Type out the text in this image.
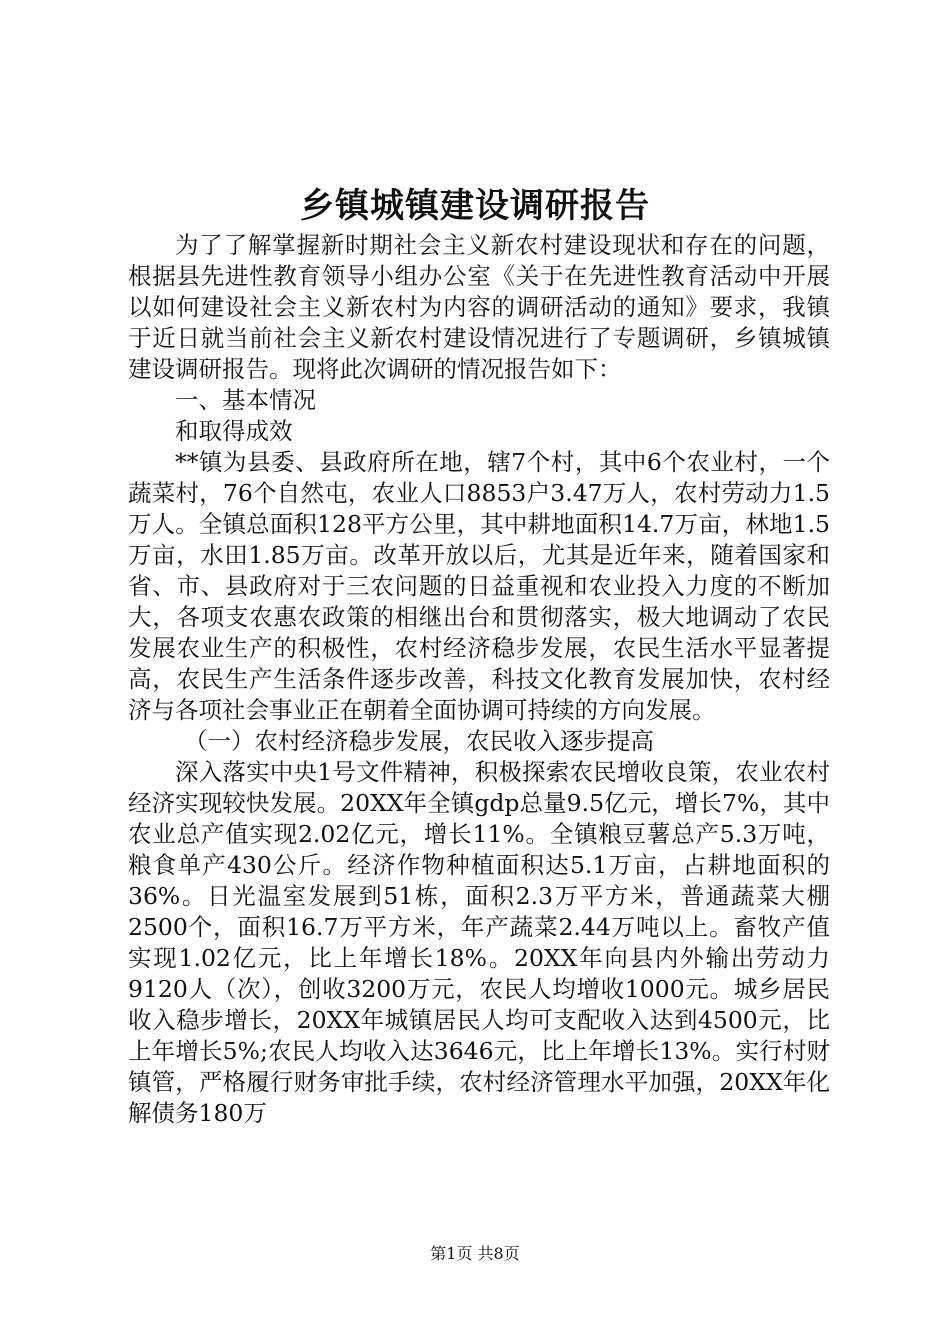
乡镇城镇建设调研报告

为了了解掌握新时期社会主义新农村建设现状和存在的问题，根据县先进性教育领导小组办公室《关于在先进性教育活动中开展以如何建设社会主义新农村为内容的调研活动的通知》要求，我镇于近日就当前社会主义新农村建设情况进行了专题调研，乡镇城镇建设调研报告。现将此次调研的情况报告如下：

一、基本情况

和取得成效

**镇为县委、县政府所在地，辖7个村，其中6个农业村，一个蔬菜村，76个自然屯，农业人口8853户3.47万人，农村劳动力1.5万人。全镇总面积128平方公里，其中耕地面积14.7万亩，林地1.5万亩，水田1.85万亩。改革开放以后，尤其是近年来，随着国家和省、市、县政府对于三农问题的日益重视和农业投入力度的不断加大，各项支农惠农政策的相继出台和贯彻落实，极大地调动了农民发展农业生产的积极性，农村经济稳步发展，农民生活水平显著提高，农民生产生活条件逐步改善，科技文化教育发展加快，农村经济与各项社会事业正在朝着全面协调可持续的方向发展。

（一）农村经济稳步发展，农民收入逐步提高

深入落实中央1号文件精神，积极探索农民增收良策，农业农村经济实现较快发展。20XX年全镇gdp总量9.5亿元，增长7%，其中农业总产值实现2.02亿元，增长11%。全镇粮豆薯总产5.3万吨，粮食单产430公斤。经济作物种植面积达5.1万亩，占耕地面积的36%。日光温室发展到51栋，面积2.3万平方米，普通蔬菜大棚2500个，面积16.7万平方米，年产蔬菜2.44万吨以上。畜牧产值实现1.02亿元，比上年增长18%。20XX年向县内外输出劳动力9120人（次），创收3200万元，农民人均增收1000元。城乡居民收入稳步增长，20XX年城镇居民人均可支配收入达到4500元，比上年增长5%;农民人均收入达3646元，比上年增长13%。实行村财镇管，严格履行财务审批手续，农村经济管理水平加强，20XX年化解债务180万

第1页 共8页
